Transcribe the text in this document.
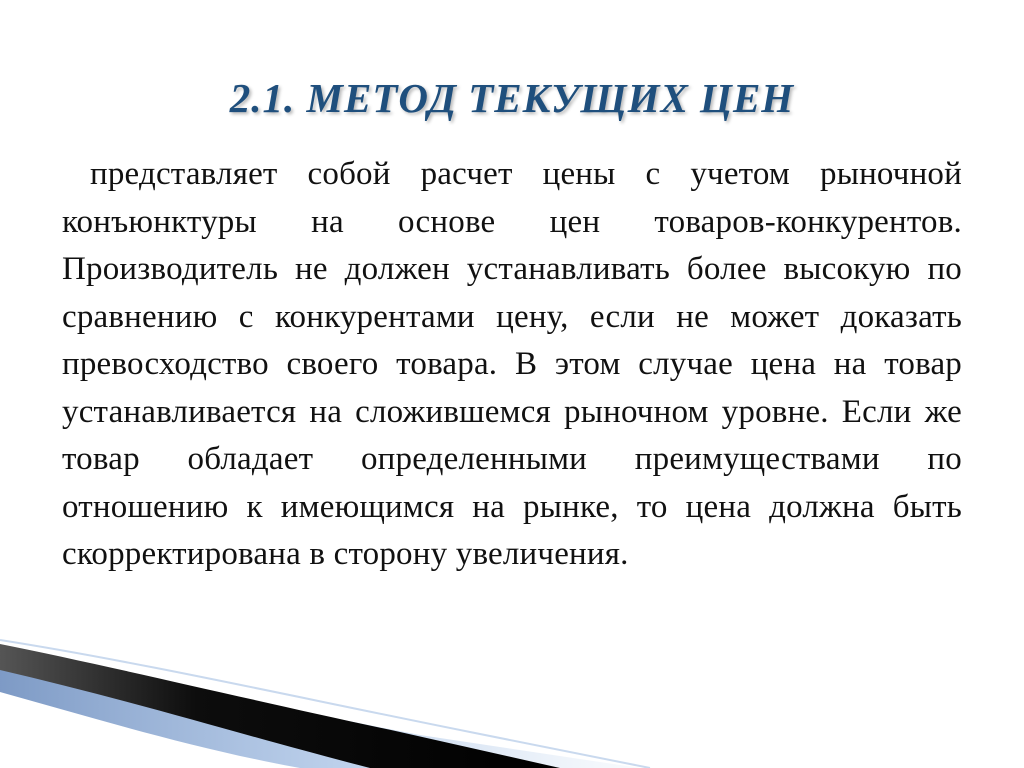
2.1. МЕТОД ТЕКУЩИХ ЦЕН

представляет собой расчет цены с учетом рыночной конъюнктуры на основе цен товаров-конкурентов. Производитель не должен устанавливать более высокую по сравнению с конкурентами цену, если не может доказать превосходство своего товара. В этом случае цена на товар устанавливается на сложившемся рыночном уровне. Если же товар обладает определенными преимуществами по отношению к имеющимся на рынке, то цена должна быть скорректирована в сторону увеличения.
